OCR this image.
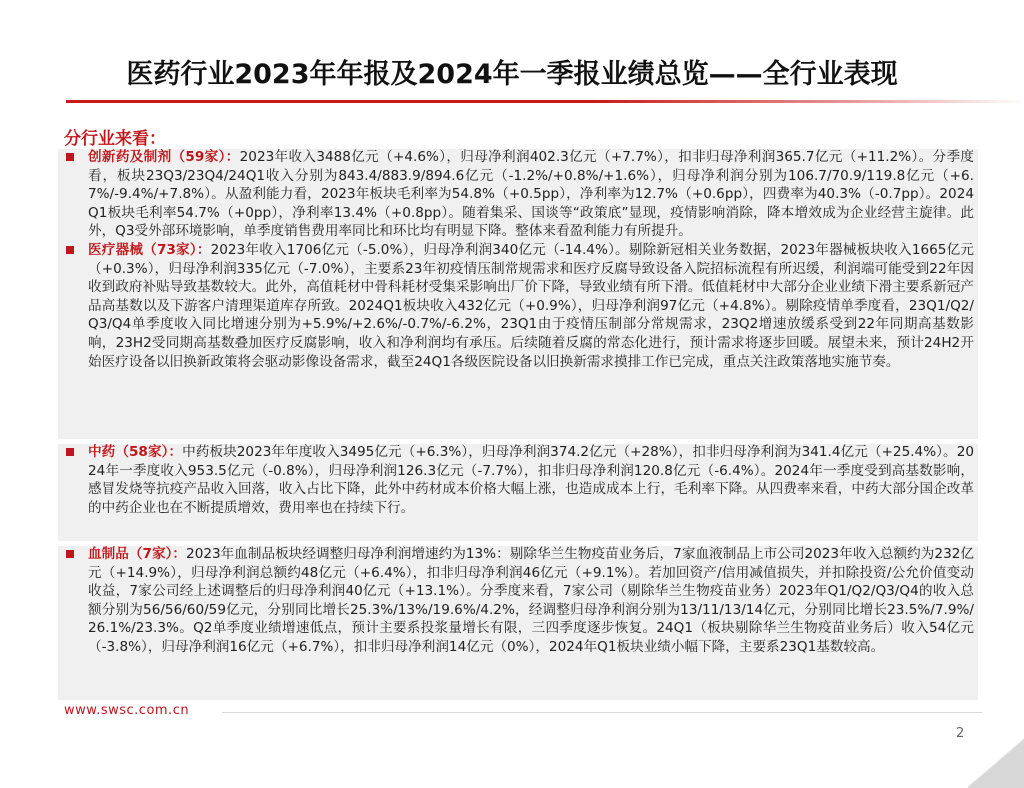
医药行业2023年年报及2024年一季报业绩总览——全行业表现
分行业来看：
创新药及制剂（59家）：2023年收入3488亿元（+4.6%），归母净利润402.3亿元（+7.7%），扣非归母净利润365.7亿元（+11.2%）。分季度看，板块23Q3/23Q4/24Q1收入分别为843.4/883.9/894.6亿元（-1.2%/+0.8%/+1.6%），归母净利润分别为106.7/70.9/119.8亿元（+6.7%/-9.4%/+7.8%）。从盈利能力看，2023年板块毛利率为54.8%（+0.5pp），净利率为12.7%（+0.6pp），四费率为40.3%（-0.7pp）。2024Q1板块毛利率54.7%（+0pp），净利率13.4%（+0.8pp）。随着集采、国谈等“政策底”显现，疫情影响消除，降本增效成为企业经营主旋律。此外，Q3受外部环境影响，单季度销售费用率同比和环比均有明显下降。整体来看盈利能力有所提升。
医疗器械（73家）：2023年收入1706亿元（-5.0%），归母净利润340亿元（-14.4%）。剔除新冠相关业务数据，2023年器械板块收入1665亿元（+0.3%），归母净利润335亿元（-7.0%），主要系23年初疫情压制常规需求和医疗反腐导致设备入院招标流程有所迟缓，利润端可能受到22年因收到政府补贴导致基数较大。此外，高值耗材中骨科耗材受集采影响出厂价下降，导致业绩有所下滑。低值耗材中大部分企业业绩下滑主要系新冠产品高基数以及下游客户清理渠道库存所致。2024Q1板块收入432亿元（+0.9%），归母净利润97亿元（+4.8%）。剔除疫情单季度看，23Q1/Q2/Q3/Q4单季度收入同比增速分别为+5.9%/+2.6%/-0.7%/-6.2%，23Q1由于疫情压制部分常规需求，23Q2增速放缓系受到22年同期高基数影响，23H2受同期高基数叠加医疗反腐影响，收入和净利润均有承压。后续随着反腐的常态化进行，预计需求将逐步回暖。展望未来，预计24H2开始医疗设备以旧换新政策将会驱动影像设备需求，截至24Q1各级医院设备以旧换新需求摸排工作已完成，重点关注政策落地实施节奏。
中药（58家）：中药板块2023年年度收入3495亿元（+6.3%），归母净利润374.2亿元（+28%），扣非归母净利润为341.4亿元（+25.4%）。2024年一季度收入953.5亿元（-0.8%），归母净利润126.3亿元（-7.7%），扣非归母净利润120.8亿元（-6.4%）。2024年一季度受到高基数影响，感冒发烧等抗疫产品收入回落，收入占比下降，此外中药材成本价格大幅上涨，也造成成本上行，毛利率下降。从四费率来看，中药大部分国企改革的中药企业也在不断提质增效，费用率也在持续下行。
血制品（7家）：2023年血制品板块经调整归母净利润增速约为13%：剔除华兰生物疫苗业务后，7家血液制品上市公司2023年收入总额约为232亿元（+14.9%），归母净利润总额约48亿元（+6.4%），扣非归母净利润46亿元（+9.1%）。若加回资产/信用减值损失，并扣除投资/公允价值变动收益，7家公司经上述调整后的归母净利润40亿元（+13.1%）。分季度来看，7家公司（剔除华兰生物疫苗业务）2023年Q1/Q2/Q3/Q4的收入总额分别为56/56/60/59亿元，分别同比增长25.3%/13%/19.6%/4.2%，经调整归母净利润分别为13/11/13/14亿元，分别同比增长23.5%/7.9%/26.1%/23.3%。Q2单季度业绩增速低点，预计主要系投浆量增长有限，三四季度逐步恢复。24Q1（板块剔除华兰生物疫苗业务后）收入54亿元（-3.8%），归母净利润16亿元（+6.7%），扣非归母净利润14亿元（0%），2024年Q1板块业绩小幅下降，主要系23Q1基数较高。
www.swsc.com.cn
2
